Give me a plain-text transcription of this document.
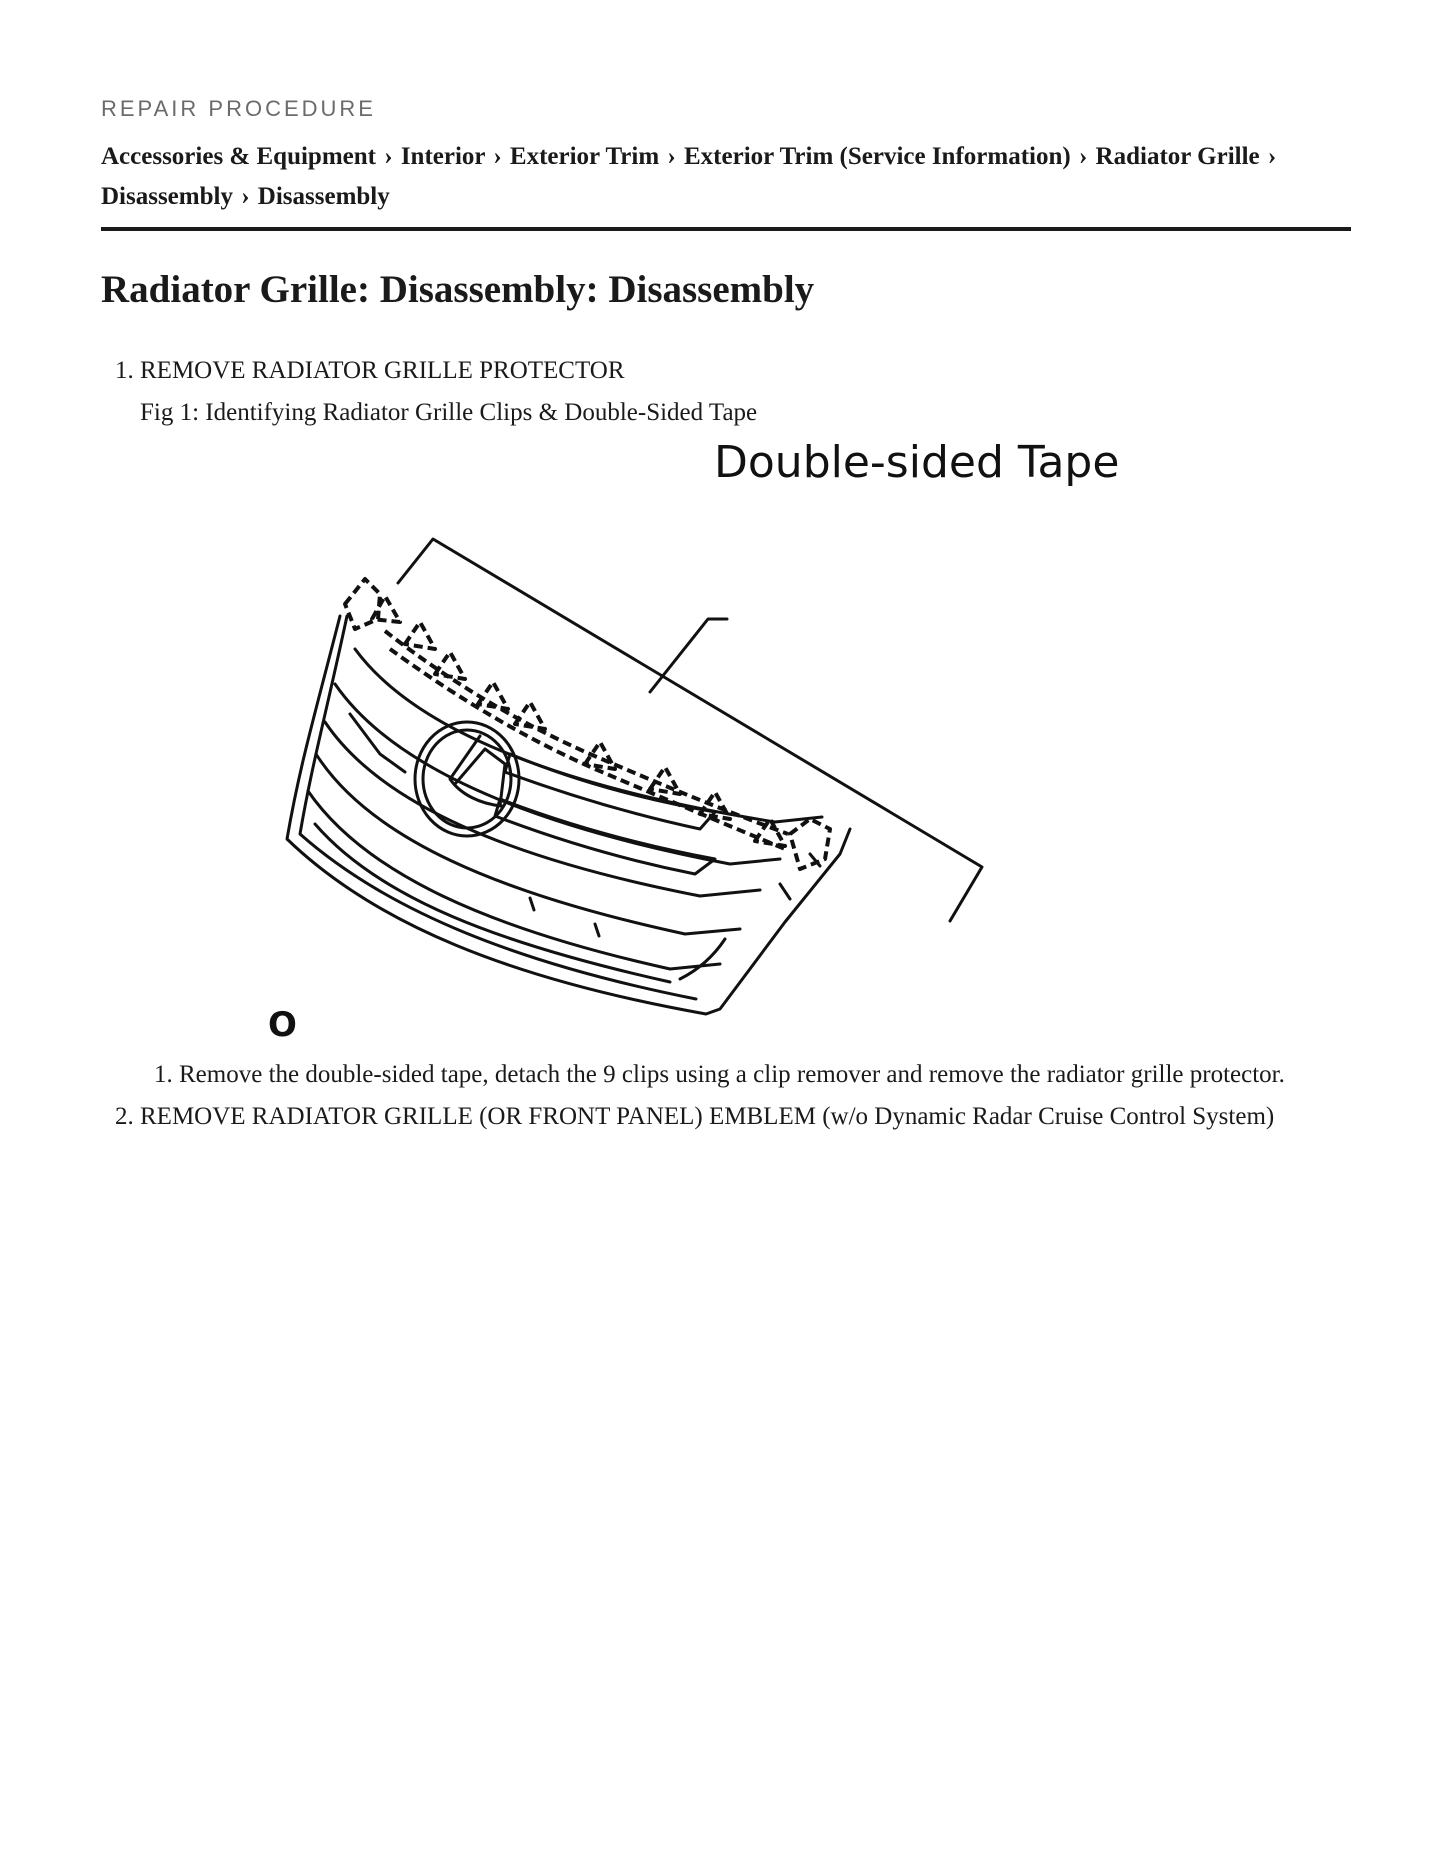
REPAIR PROCEDURE
Accessories & Equipment › Interior › Exterior Trim › Exterior Trim (Service Information) › Radiator Grille › Disassembly › Disassembly
Radiator Grille: Disassembly: Disassembly
1. REMOVE RADIATOR GRILLE PROTECTOR
Fig 1: Identifying Radiator Grille Clips & Double-Sided Tape
Double-sided Tape
O
1. Remove the double-sided tape, detach the 9 clips using a clip remover and remove the radiator grille protector.
2. REMOVE RADIATOR GRILLE (OR FRONT PANEL) EMBLEM (w/o Dynamic Radar Cruise Control System)
